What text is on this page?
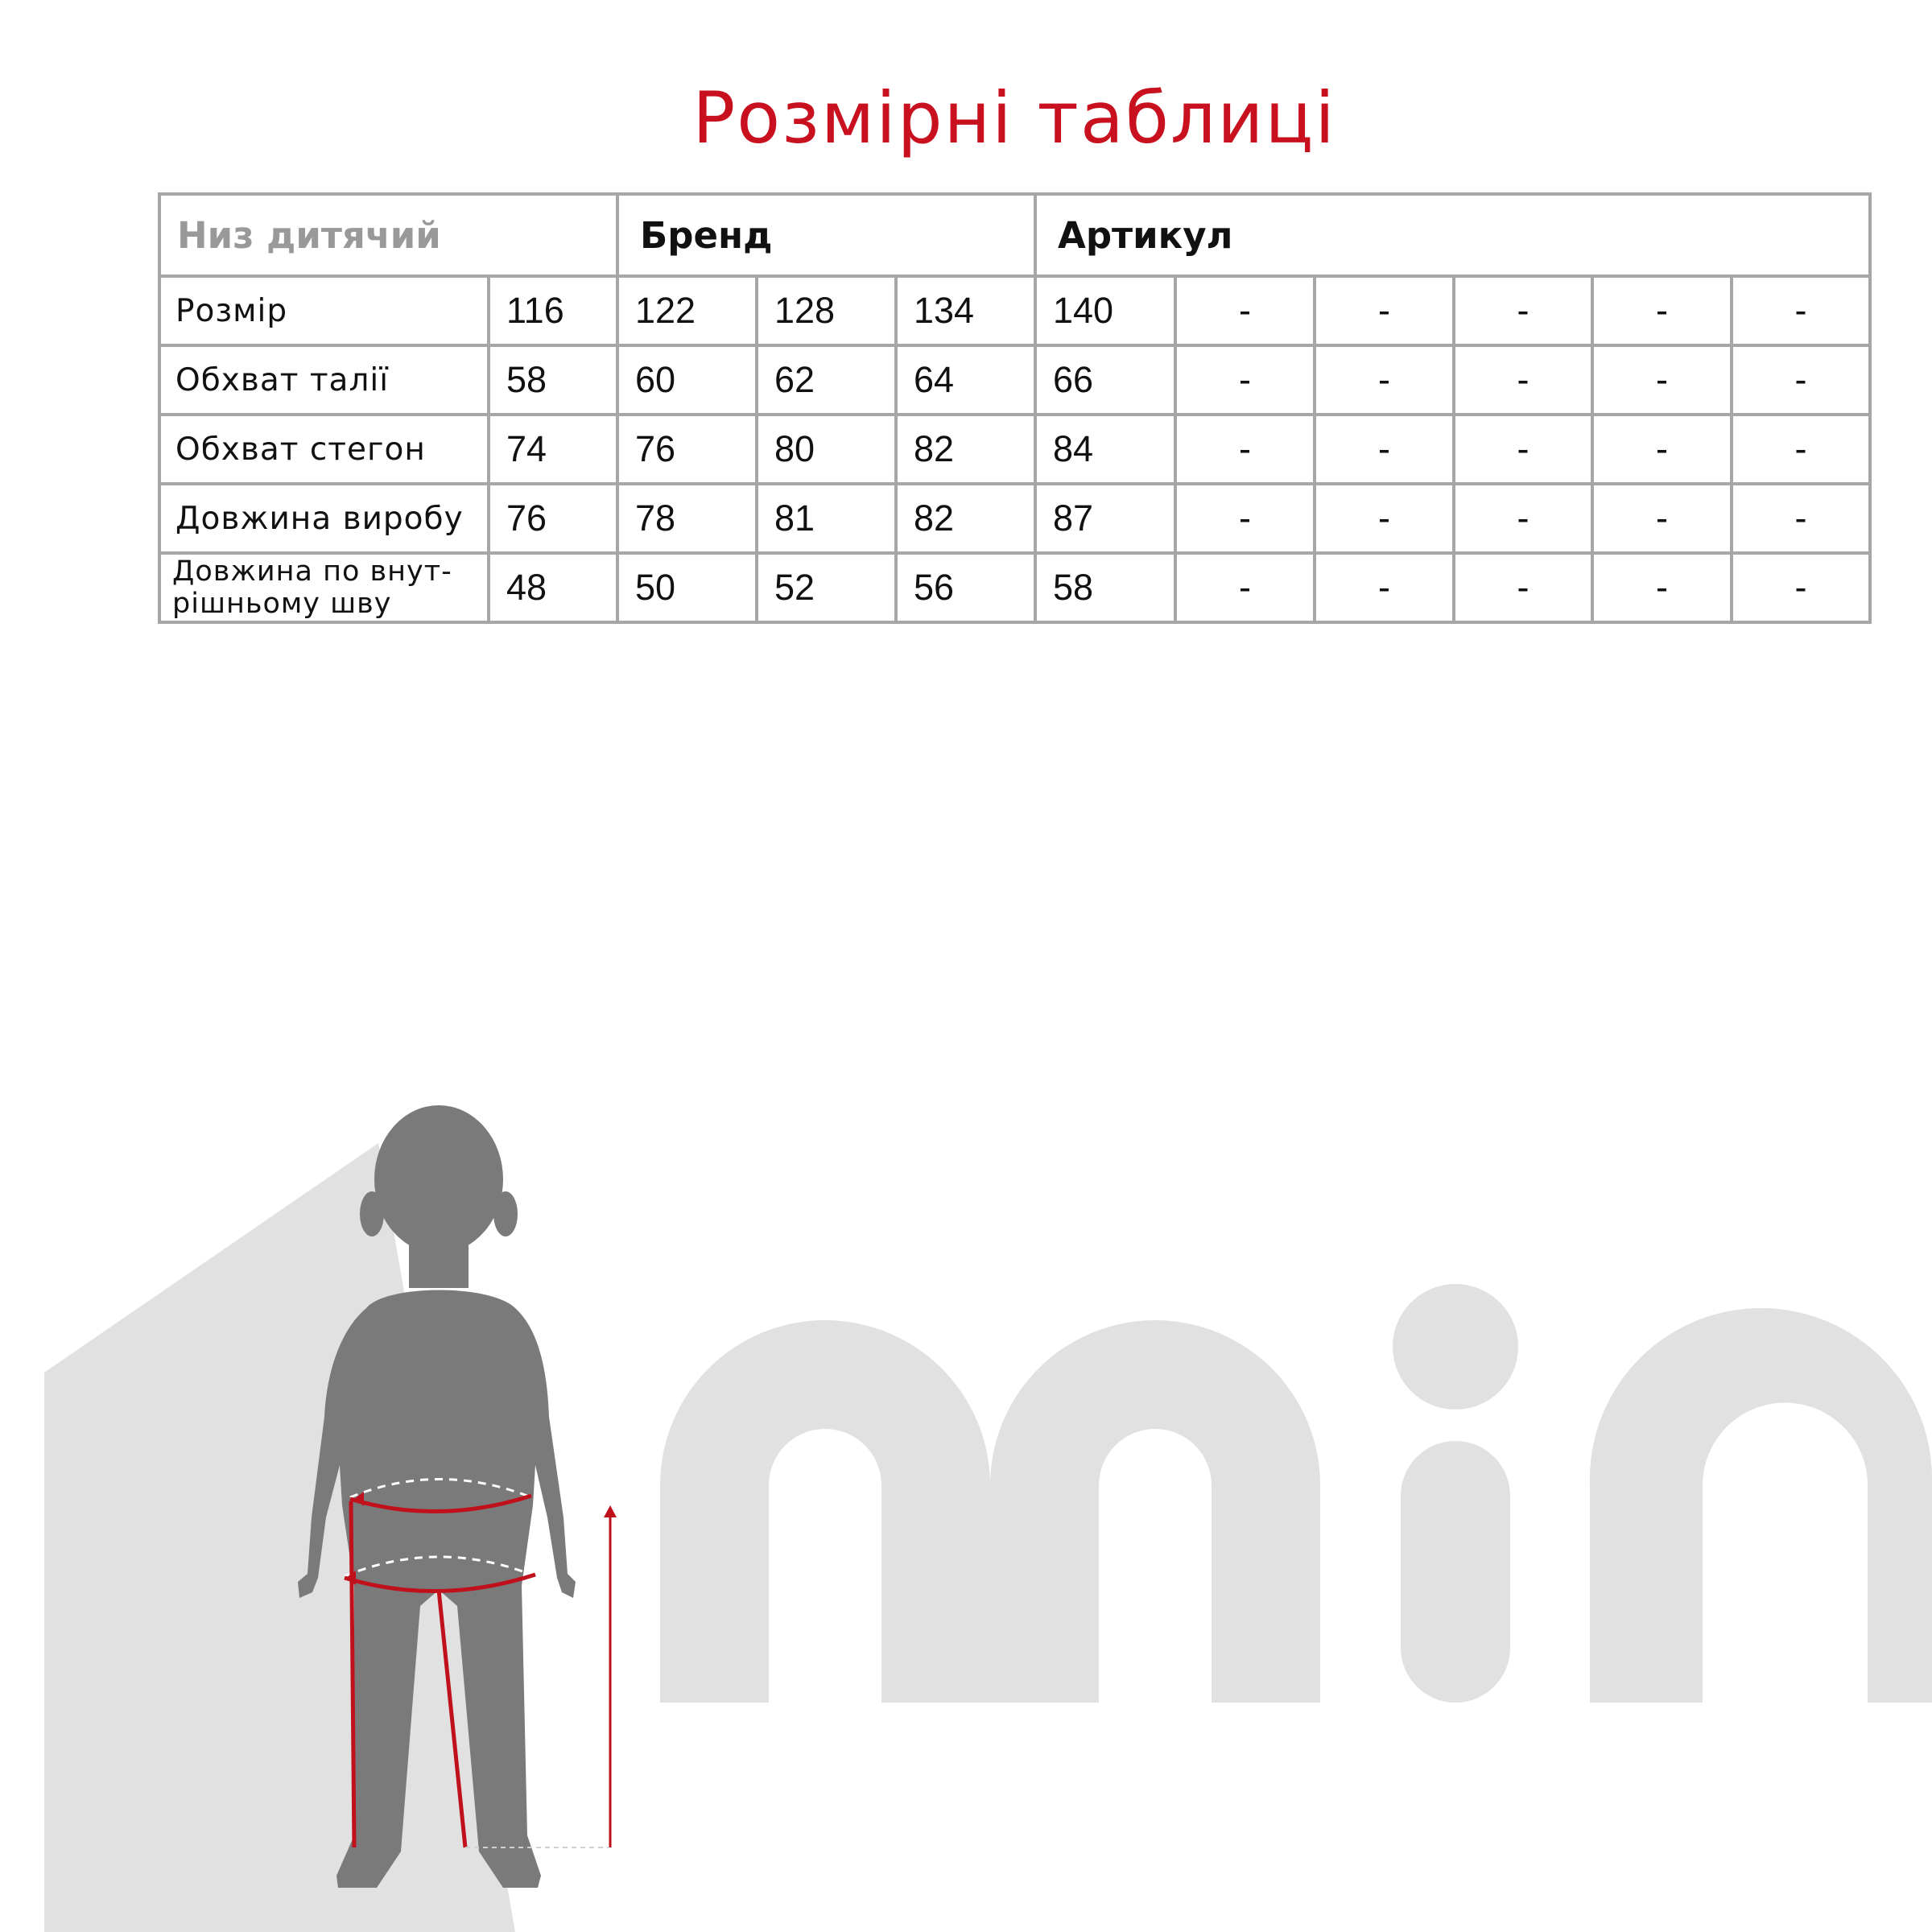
Розмірні таблиці
Низ дитячий		Бренд			Артикул					
Розмір	116	122	128	134	140	-	-	-	-	-
Обхват талії	58	60	62	64	66	-	-	-	-	-
Обхват стегон	74	76	80	82	84	-	-	-	-	-
Довжина виробу	76	78	81	82	87	-	-	-	-	-
Довжина по внут-рішньому шву	48	50	52	56	58	-	-	-	-	-
